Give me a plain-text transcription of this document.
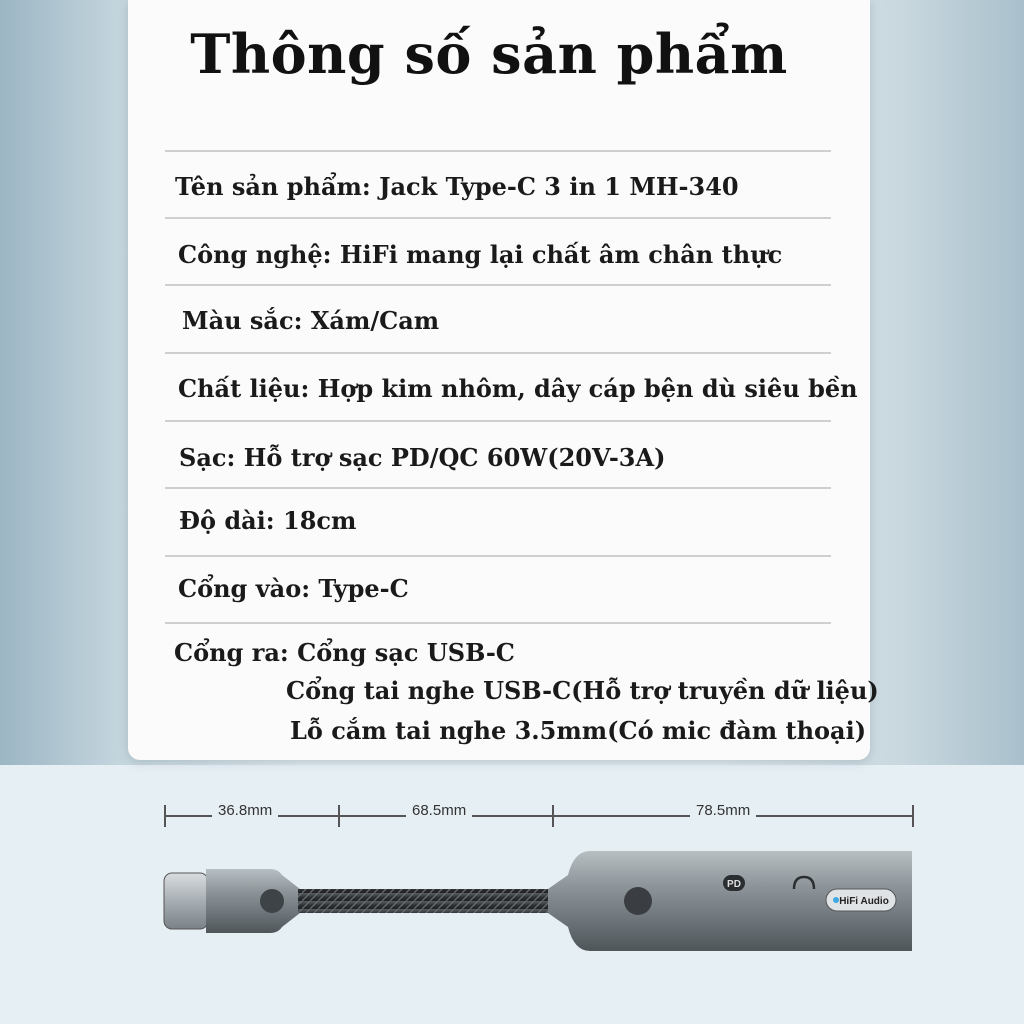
Thông số sản phẩm
Tên sản phẩm: Jack Type-C 3 in 1 MH-340
Công nghệ: HiFi mang lại chất âm chân thực
Màu sắc: Xám/Cam
Chất liệu: Hợp kim nhôm, dây cáp bện dù siêu bền
Sạc: Hỗ trợ sạc PD/QC 60W(20V-3A)
Độ dài: 18cm
Cổng vào: Type-C
Cổng ra: Cổng sạc USB-C
Cổng tai nghe USB-C(Hỗ trợ truyền dữ liệu)
Lỗ cắm tai nghe 3.5mm(Có mic đàm thoại)
36.8mm	68.5mm	78.5mm
PD
HiFi Audio
